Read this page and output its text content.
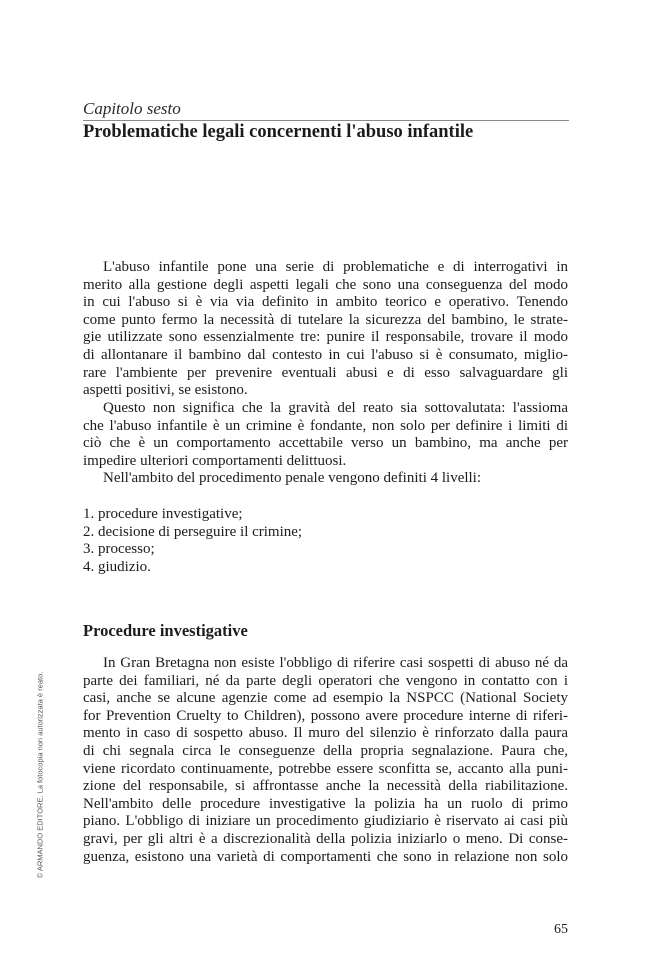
Capitolo sesto
Problematiche legali concernenti l'abuso infantile
L'abuso infantile pone una serie di problematiche e di interrogativi in
merito alla gestione degli aspetti legali che sono una conseguenza del modo
in cui l'abuso si è via via definito in ambito teorico e operativo. Tenendo
come punto fermo la necessità di tutelare la sicurezza del bambino, le strate-
gie utilizzate sono essenzialmente tre: punire il responsabile, trovare il modo
di allontanare il bambino dal contesto in cui l'abuso si è consumato, miglio-
rare l'ambiente per prevenire eventuali abusi e di esso salvaguardare gli
aspetti positivi, se esistono.
Questo non significa che la gravità del reato sia sottovalutata: l'assioma
che l'abuso infantile è un crimine è fondante, non solo per definire i limiti di
ciò che è un comportamento accettabile verso un bambino, ma anche per
impedire ulteriori comportamenti delittuosi.
Nell'ambito del procedimento penale vengono definiti 4 livelli:
1. procedure investigative;
2. decisione di perseguire il crimine;
3. processo;
4. giudizio.
Procedure investigative
In Gran Bretagna non esiste l'obbligo di riferire casi sospetti di abuso né da
parte dei familiari, né da parte degli operatori che vengono in contatto con i
casi, anche se alcune agenzie come ad esempio la NSPCC (National Society
for Prevention Cruelty to Children), possono avere procedure interne di riferi-
mento in caso di sospetto abuso. Il muro del silenzio è rinforzato dalla paura
di chi segnala circa le conseguenze della propria segnalazione. Paura che,
viene ricordato continuamente, potrebbe essere sconfitta se, accanto alla puni-
zione del responsabile, si affrontasse anche la necessità della riabilitazione.
Nell'ambito delle procedure investigative la polizia ha un ruolo di primo
piano. L'obbligo di iniziare un procedimento giudiziario è riservato ai casi più
gravi, per gli altri è a discrezionalità della polizia iniziarlo o meno. Di conse-
guenza, esistono una varietà di comportamenti che sono in relazione non solo
65
© ARMANDO EDITORE. La fotocopia non autorizzata è reato.
